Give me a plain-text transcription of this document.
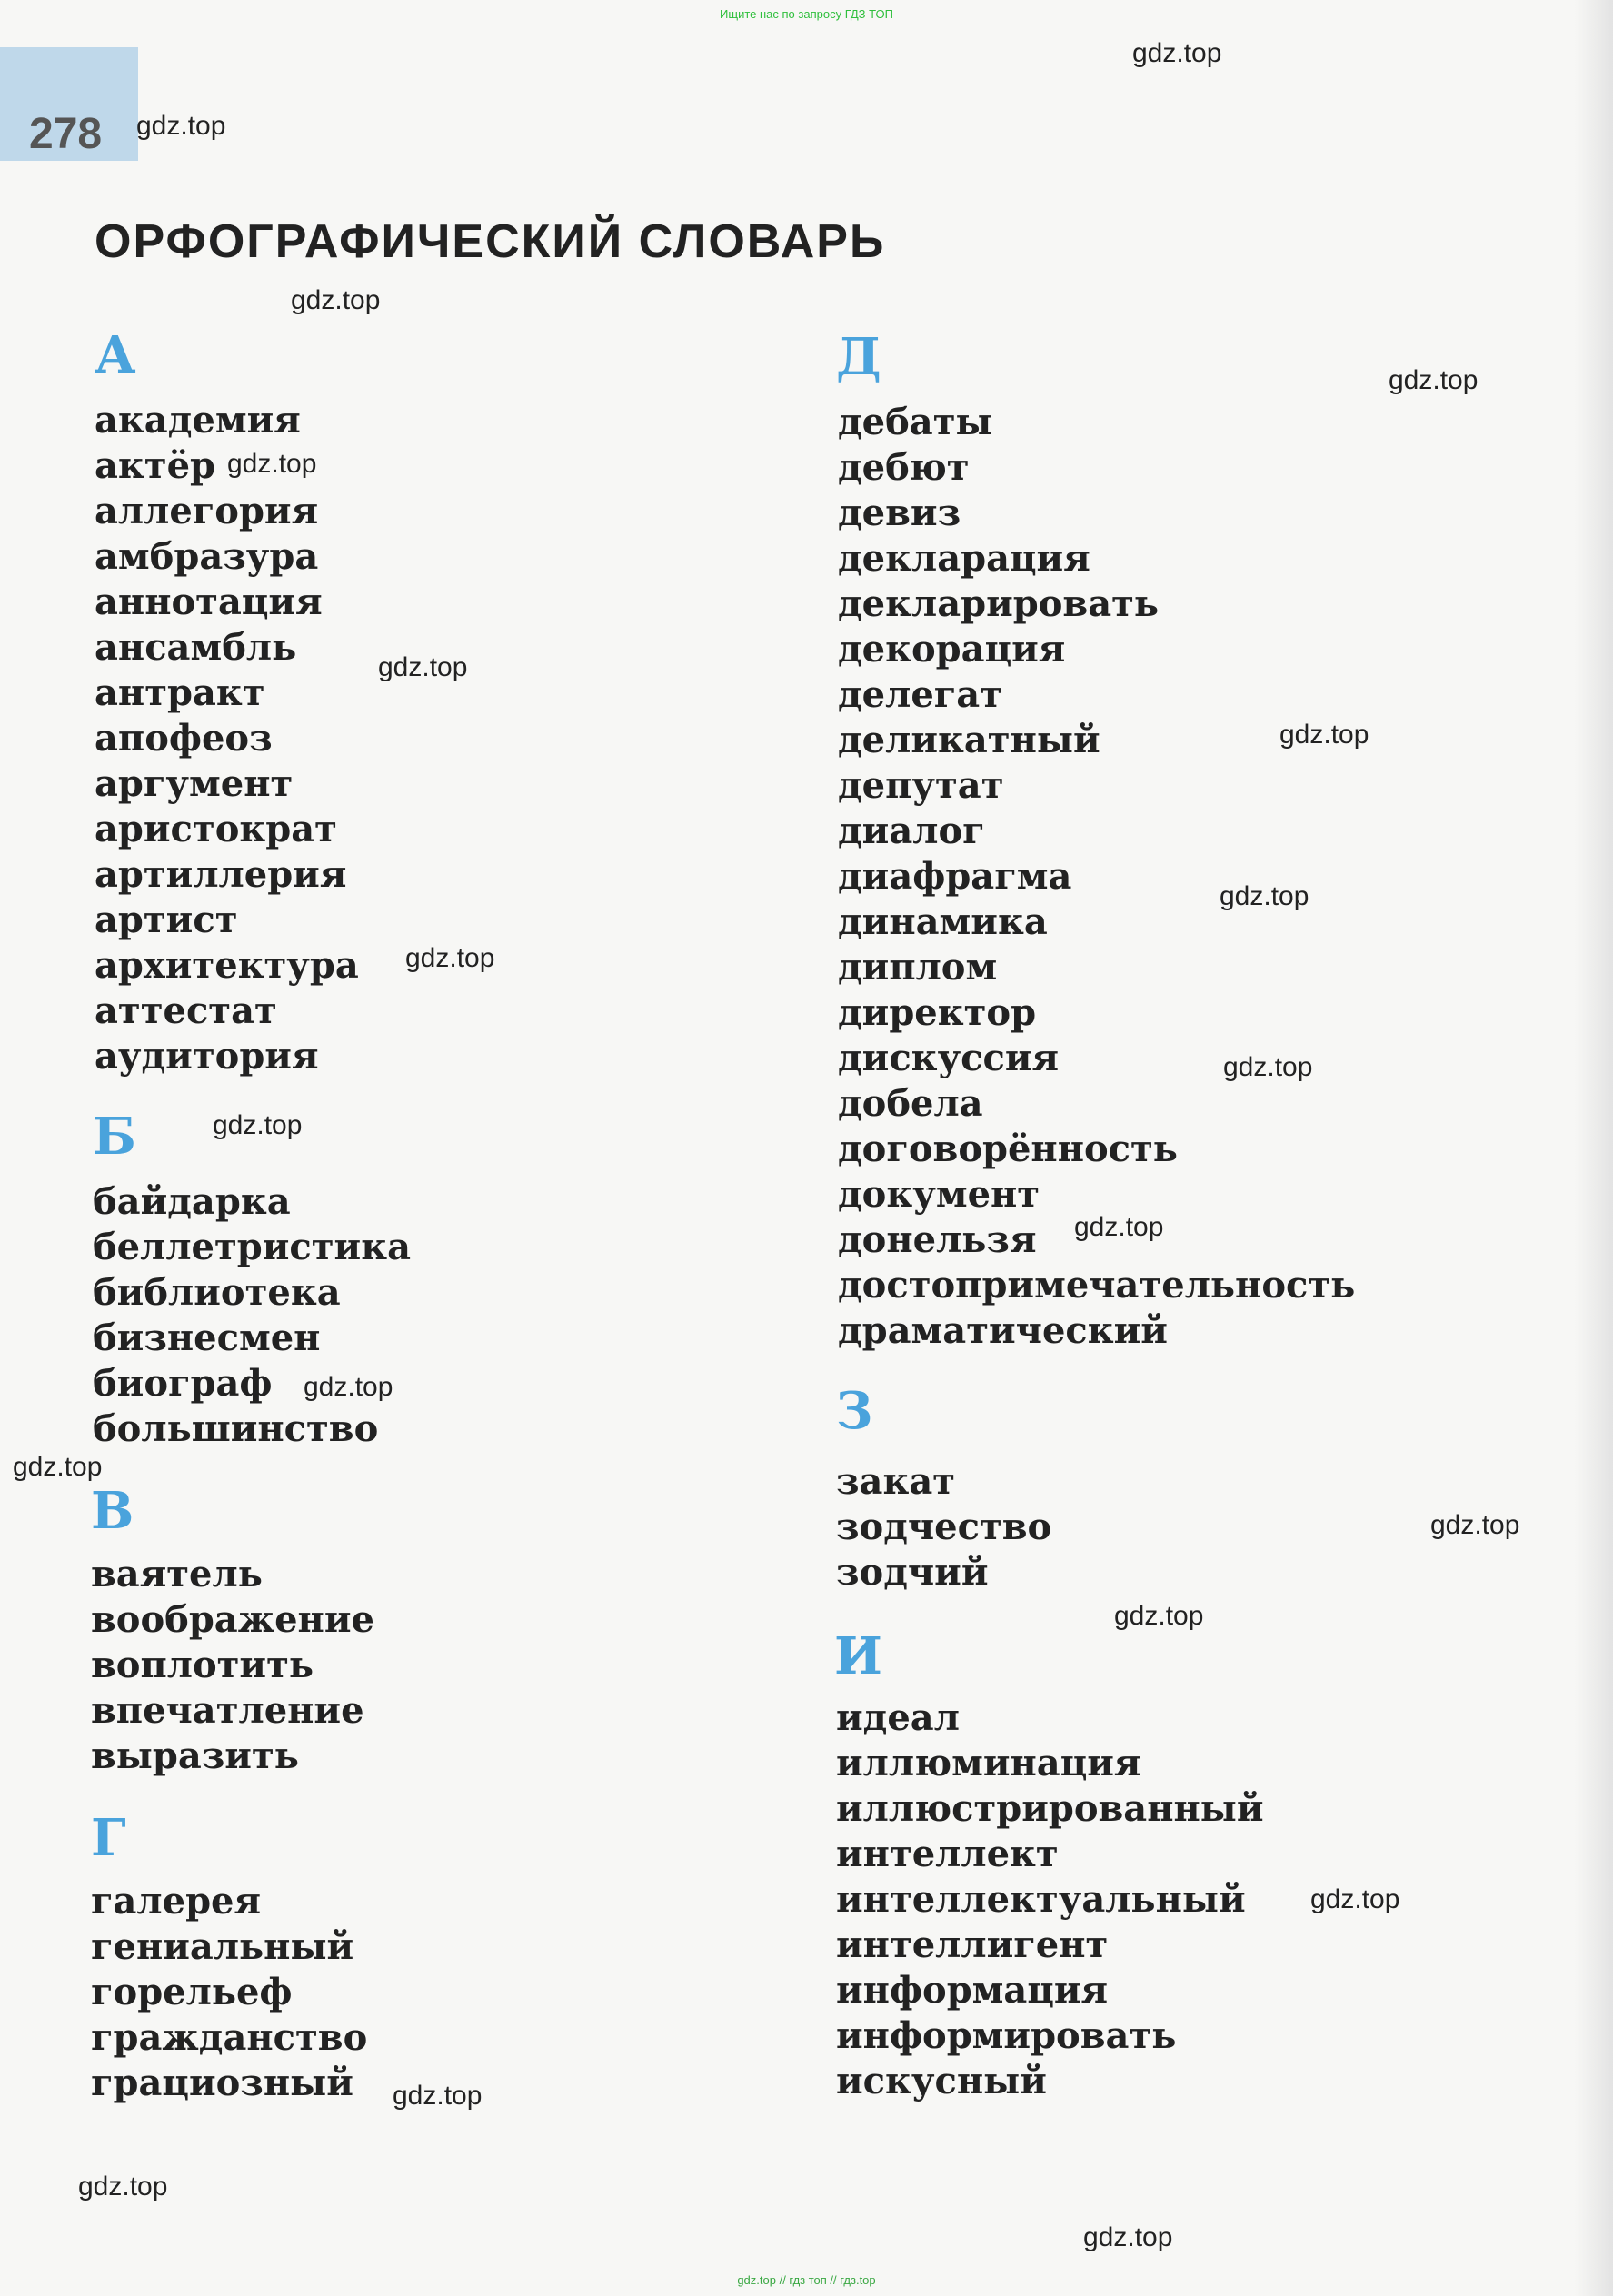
Ищите нас по запросу ГДЗ ТОП
278
ОРФОГРАФИЧЕСКИЙ СЛОВАРЬ
А
академия
актёр
аллегория
амбразура
аннотация
ансамбль
антракт
апофеоз
аргумент
аристократ
артиллерия
артист
архитектура
аттестат
аудитория
Б
байдарка
беллетристика
библиотека
бизнесмен
биограф
большинство
В
ваятель
воображение
воплотить
впечатление
выразить
Г
галерея
гениальный
горельеф
гражданство
грациозный
Д
дебаты
дебют
девиз
декларация
декларировать
декорация
делегат
деликатный
депутат
диалог
диафрагма
динамика
диплом
директор
дискуссия
добела
договорённость
документ
донельзя
достопримечательность
драматический
З
закат
зодчество
зодчий
И
идеал
иллюминация
иллюстрированный
интеллект
интеллектуальный
интеллигент
информация
информировать
искусный
gdz.top
gdz.top
gdz.top
gdz.top
gdz.top
gdz.top
gdz.top
gdz.top
gdz.top
gdz.top
gdz.top
gdz.top
gdz.top
gdz.top
gdz.top
gdz.top
gdz.top
gdz.top
gdz.top
gdz.top
gdz.top // гдз топ // гдз.top
